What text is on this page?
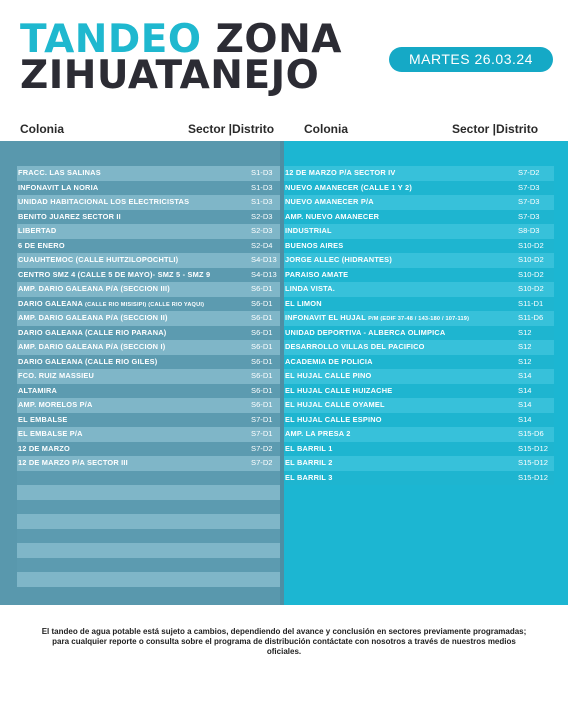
TANDEO ZONA
ZIHUATANEJO	MARTES 26.03.24
Colonia	Sector |Distrito Colonia	Sector |Distrito
FRACC. LAS SALINAS	S1-D3
INFONAVIT LA NORIA	S1-D3
UNIDAD HABITACIONAL LOS ELECTRICISTAS	S1-D3
BENITO JUAREZ SECTOR II	S2-D3
LIBERTAD	S2-D3
6 DE ENERO	S2-D4
CUAUHTEMOC (CALLE HUITZILOPOCHTLI)	S4-D13
CENTRO SMZ 4 (CALLE 5 DE MAYO)- SMZ 5 - SMZ 9	S4-D13
AMP. DARIO GALEANA P/A (SECCION III)	S6-D1
DARIO GALEANA (CALLE RIO MISISIPI) (CALLE RIO YAQUI)	S6-D1
AMP. DARIO GALEANA P/A (SECCION II)	S6-D1
DARIO GALEANA (CALLE RIO PARANA)	S6-D1
AMP. DARIO GALEANA P/A (SECCION I)	S6-D1
DARIO GALEANA (CALLE RIO GILES)	S6-D1
FCO. RUIZ MASSIEU	S6-D1
ALTAMIRA	S6-D1
AMP. MORELOS P/A	S6-D1
EL EMBALSE	S7-D1
EL EMBALSE P/A	S7-D1
12 DE MARZO	S7-D2
12 DE MARZO P/A SECTOR III	S7-D2
12 DE MARZO P/A SECTOR IV	S7-D2
NUEVO AMANECER (CALLE 1 Y 2)	S7-D3
NUEVO AMANECER P/A	S7-D3
AMP. NUEVO AMANECER	S7-D3
INDUSTRIAL	S8-D3
BUENOS AIRES	S10-D2
JORGE ALLEC (HIDRANTES)	S10-D2
PARAISO AMATE	S10-D2
LINDA VISTA.	S10-D2
EL LIMON	S11-D1
INFONAVIT EL HUJAL P/M (EDIF 37-48 / 143-180 / 107-119)	S11-D6
UNIDAD DEPORTIVA - ALBERCA OLIMPICA	S12
DESARROLLO VILLAS DEL PACIFICO	S12
ACADEMIA DE POLICIA	S12
EL HUJAL CALLE PINO	S14
EL HUJAL CALLE HUIZACHE	S14
EL HUJAL CALLE OYAMEL	S14
EL HUJAL CALLE ESPINO	S14
AMP. LA PRESA 2	S15-D6
EL BARRIL 1	S15-D12
EL BARRIL 2	S15-D12
EL BARRIL 3	S15-D12
El tandeo de agua potable está sujeto a cambios, dependiendo del avance y conclusión en sectores previamente programadas; para cualquier reporte o consulta sobre el programa de distribución contáctate con nosotros a través de nuestros medios oficiales.
